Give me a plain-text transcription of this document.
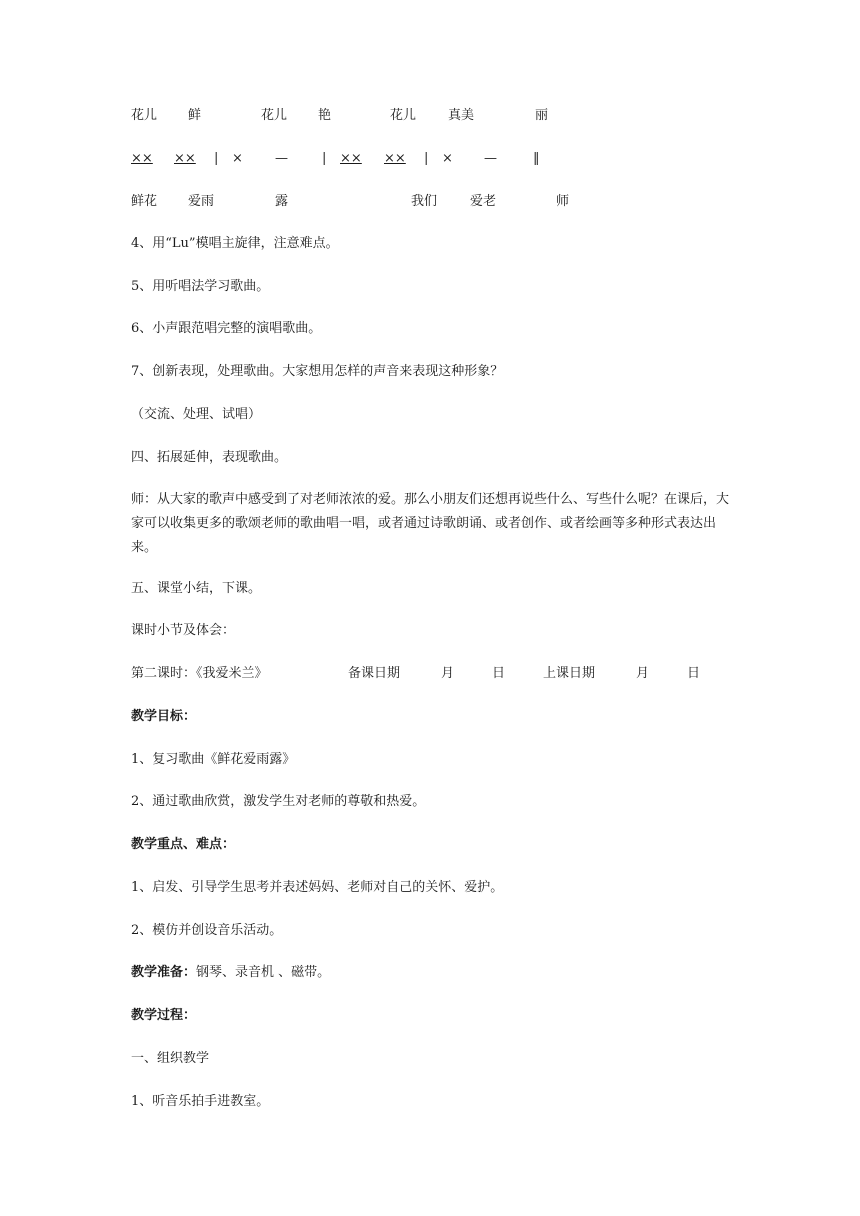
花儿 鲜	花儿 艳	花儿 真美	丽
×× ×× | × —	| ×× ×× | × —	‖
鲜花 爱雨	露	我们	爱老	师
4、用“Lu”模唱主旋律，注意难点。
5、用听唱法学习歌曲。
6、小声跟范唱完整的演唱歌曲。
7、创新表现，处理歌曲。大家想用怎样的声音来表现这种形象？
（交流、处理、试唱）
四、拓展延伸，表现歌曲。
师：从大家的歌声中感受到了对老师浓浓的爱。那么小朋友们还想再说些什么、写些什么呢？在课后，大家可以收集更多的歌颂老师的歌曲唱一唱，或者通过诗歌朗诵、或者创作、或者绘画等多种形式表达出来。
五、课堂小结，下课。
课时小节及体会：
第二课时：《我爱米兰》	备课日期	月	日	上课日期	月	日
教学目标：
1、复习歌曲《鲜花爱雨露》
2、通过歌曲欣赏，激发学生对老师的尊敬和热爱。
教学重点、难点：
1、启发、引导学生思考并表述妈妈、老师对自己的关怀、爱护。
2、模仿并创设音乐活动。
教学准备：钢琴、录音机 、磁带。
教学过程：
一、组织教学
1、听音乐拍手进教室。
